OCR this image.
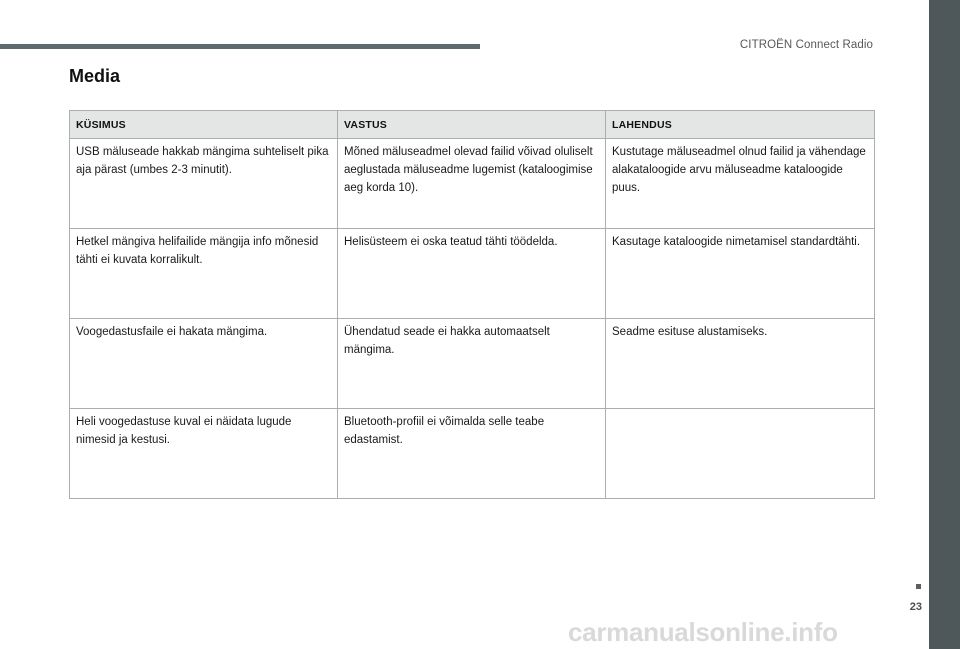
CITROËN Connect Radio
Media
KÜSIMUS	VASTUS	LAHENDUS
USB mäluseade hakkab mängima suhteliselt pika aja pärast (umbes 2-3 minutit).	Mõned mäluseadmel olevad failid võivad oluliselt aeglustada mäluseadme lugemist (kataloogimise aeg korda 10).	Kustutage mäluseadmel olnud failid ja vähendage alakataloogide arvu mäluseadme kataloogide puus.
Hetkel mängiva helifailide mängija info mõnesid tähti ei kuvata korralikult.	Helisüsteem ei oska teatud tähti töödelda.	Kasutage kataloogide nimetamisel standardtähti.
Voogedastusfaile ei hakata mängima.	Ühendatud seade ei hakka automaatselt mängima.	Seadme esituse alustamiseks.
Heli voogedastuse kuval ei näidata lugude nimesid ja kestusi.	Bluetooth-profiil ei võimalda selle teabe edastamist.	
23
carmanualsonline.info
